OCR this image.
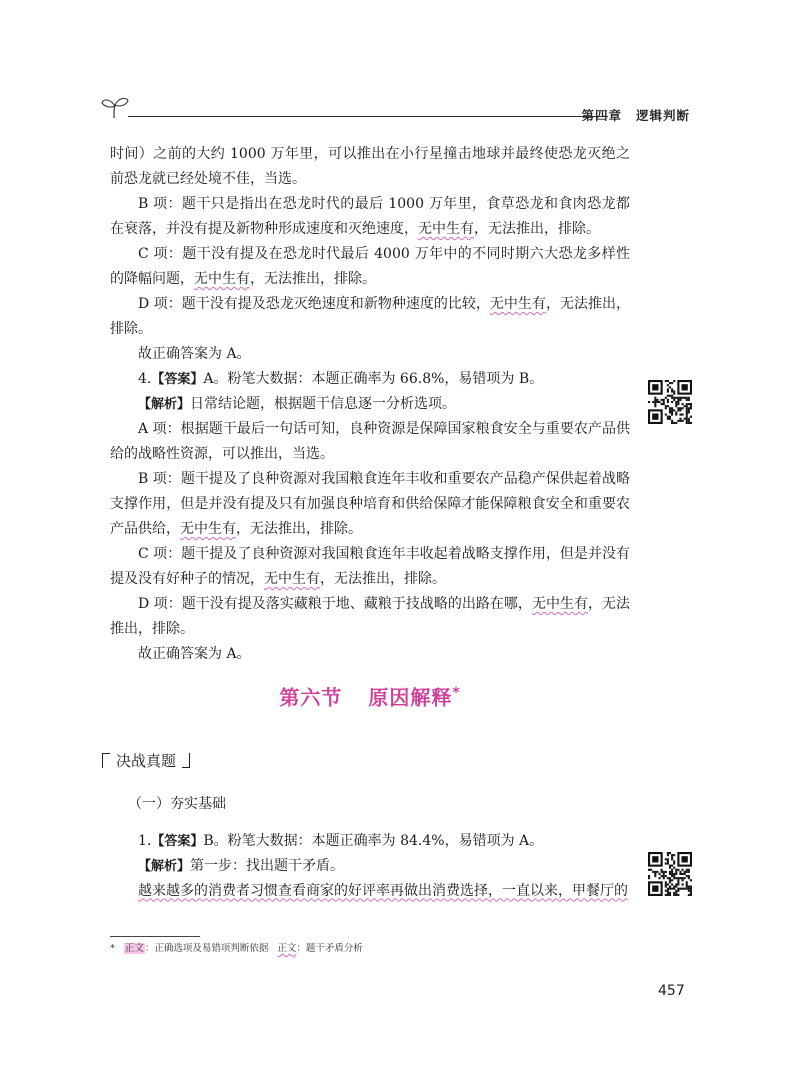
第四章 逻辑判断

时间）之前的大约 1000 万年里，可以推出在小行星撞击地球并最终使恐龙灭绝之前恐龙就已经处境不佳，当选。

B 项：题干只是指出在恐龙时代的最后 1000 万年里，食草恐龙和食肉恐龙都在衰落，并没有提及新物种形成速度和灭绝速度，无中生有，无法推出，排除。

C 项：题干没有提及在恐龙时代最后 4000 万年中的不同时期六大恐龙多样性的降幅问题，无中生有，无法推出，排除。

D 项：题干没有提及恐龙灭绝速度和新物种速度的比较，无中生有，无法推出，排除。

故正确答案为 A。

4.【答案】A。粉笔大数据：本题正确率为 66.8%，易错项为 B。

【解析】日常结论题，根据题干信息逐一分析选项。

A 项：根据题干最后一句话可知，良种资源是保障国家粮食安全与重要农产品供给的战略性资源，可以推出，当选。

B 项：题干提及了良种资源对我国粮食连年丰收和重要农产品稳产保供起着战略支撑作用，但是并没有提及只有加强良种培育和供给保障才能保障粮食安全和重要农产品供给，无中生有，无法推出，排除。

C 项：题干提及了良种资源对我国粮食连年丰收起着战略支撑作用，但是并没有提及没有好种子的情况，无中生有，无法推出，排除。

D 项：题干没有提及落实藏粮于地、藏粮于技战略的出路在哪，无中生有，无法推出，排除。

故正确答案为 A。

第六节 原因解释*
决战真题
（一）夯实基础

1.【答案】B。粉笔大数据：本题正确率为 84.4%，易错项为 A。

【解析】第一步：找出题干矛盾。

越来越多的消费者习惯查看商家的好评率再做出消费选择，一直以来，甲餐厅的

* 正文：正确选项及易错项判断依据 正文：题干矛盾分析
457
